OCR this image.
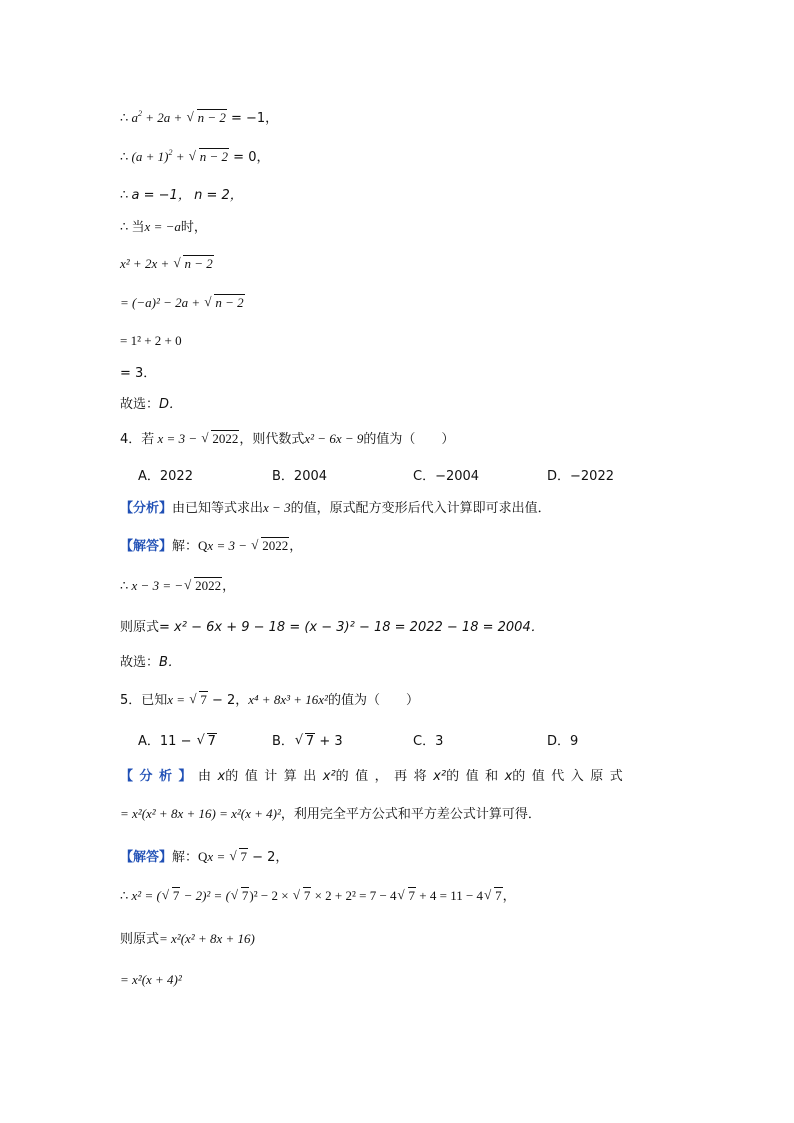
∴ $a^2 + 2a$ + √ n − 2 = −1，
∴ $(a + 1)^2$ + √ n − 2 = 0，
∴ a = −1， n = 2，
∴ 当x = −a时，
x² + 2x + √ n − 2
= (−a)² − 2a + √ n − 2
= 1² + 2 + 0
= 3．
故选：D．
4．若 x = 3 − √ 2022，则代数式x² − 6x − 9的值为（　　）
A．2022	B．2004	C．−2004	D．−2022
【分析】由已知等式求出x − 3的值，原式配方变形后代入计算即可求出值．
【解答】解：Qx = 3 − √ 2022，
∴ x − 3 = − √ 2022，
则原式= x² − 6x + 9 − 18 = (x − 3)² − 18 = 2022 − 18 = 2004．
故选：B．
5．已知x = √ 7 − 2，x⁴ + 8x³ + 16x²的值为（　　）
A．11 − √ 7	B． √ 7 + 3	C．3	D．9
【分析】由x的值计算出x²的值，再将x²的值和x的值代入原式
= x²(x² + 8x + 16) = x²(x + 4)²，利用完全平方公式和平方差公式计算可得．
【解答】解：Qx = √ 7 − 2，
∴ x² = ( √ 7 − 2)² = ( √ 7)² − 2 × √ 7 × 2 + 2² = 7 − 4 √ 7 + 4 = 11 − 4 √ 7，
则原式= x²(x² + 8x + 16)
= x²(x + 4)²
